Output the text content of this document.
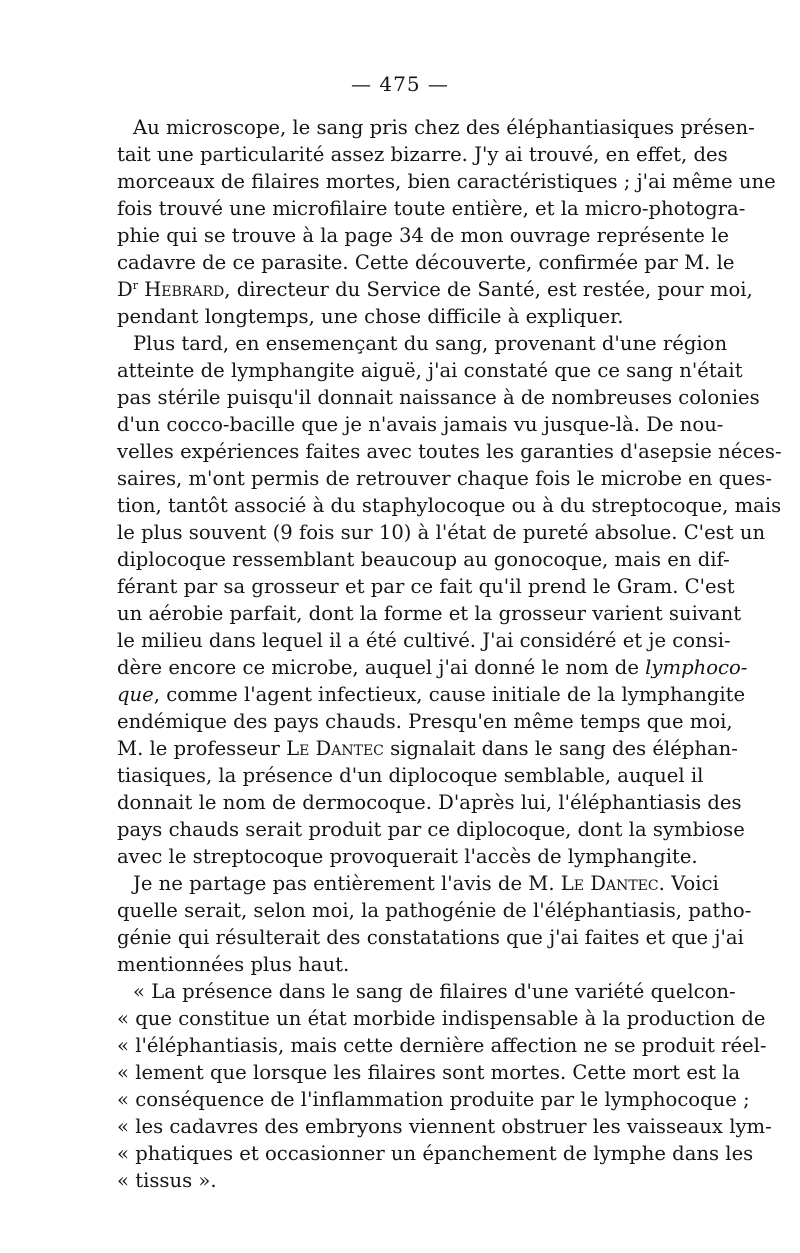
— 475 —
Au microscope, le sang pris chez des éléphantiasiques présen-
tait une particularité assez bizarre. J'y ai trouvé, en effet, des
morceaux de filaires mortes, bien caractéristiques ; j'ai même une
fois trouvé une microfilaire toute entière, et la micro-photogra-
phie qui se trouve à la page 34 de mon ouvrage représente le
cadavre de ce parasite. Cette découverte, confirmée par M. le
$D^r$ Hebrard, directeur du Service de Santé, est restée, pour moi,
pendant longtemps, une chose difficile à expliquer.
Plus tard, en ensemençant du sang, provenant d'une région
atteinte de lymphangite aiguë, j'ai constaté que ce sang n'était
pas stérile puisqu'il donnait naissance à de nombreuses colonies
d'un cocco-bacille que je n'avais jamais vu jusque-là. De nou-
velles expériences faites avec toutes les garanties d'asepsie néces-
saires, m'ont permis de retrouver chaque fois le microbe en ques-
tion, tantôt associé à du staphylocoque ou à du streptocoque, mais
le plus souvent (9 fois sur 10) à l'état de pureté absolue. C'est un
diplocoque ressemblant beaucoup au gonocoque, mais en dif-
férant par sa grosseur et par ce fait qu'il prend le Gram. C'est
un aérobie parfait, dont la forme et la grosseur varient suivant
le milieu dans lequel il a été cultivé. J'ai considéré et je consi-
dère encore ce microbe, auquel j'ai donné le nom de lymphoco-
que, comme l'agent infectieux, cause initiale de la lymphangite
endémique des pays chauds. Presqu'en même temps que moi,
M. le professeur Le Dantec signalait dans le sang des éléphan-
tiasiques, la présence d'un diplocoque semblable, auquel il
donnait le nom de dermocoque. D'après lui, l'éléphantiasis des
pays chauds serait produit par ce diplocoque, dont la symbiose
avec le streptocoque provoquerait l'accès de lymphangite.
Je ne partage pas entièrement l'avis de M. Le Dantec. Voici
quelle serait, selon moi, la pathogénie de l'éléphantiasis, patho-
génie qui résulterait des constatations que j'ai faites et que j'ai
mentionnées plus haut.
« La présence dans le sang de filaires d'une variété quelcon-
« que constitue un état morbide indispensable à la production de
« l'éléphantiasis, mais cette dernière affection ne se produit réel-
« lement que lorsque les filaires sont mortes. Cette mort est la
« conséquence de l'inflammation produite par le lymphocoque ;
« les cadavres des embryons viennent obstruer les vaisseaux lym-
« phatiques et occasionner un épanchement de lymphe dans les
« tissus ».
